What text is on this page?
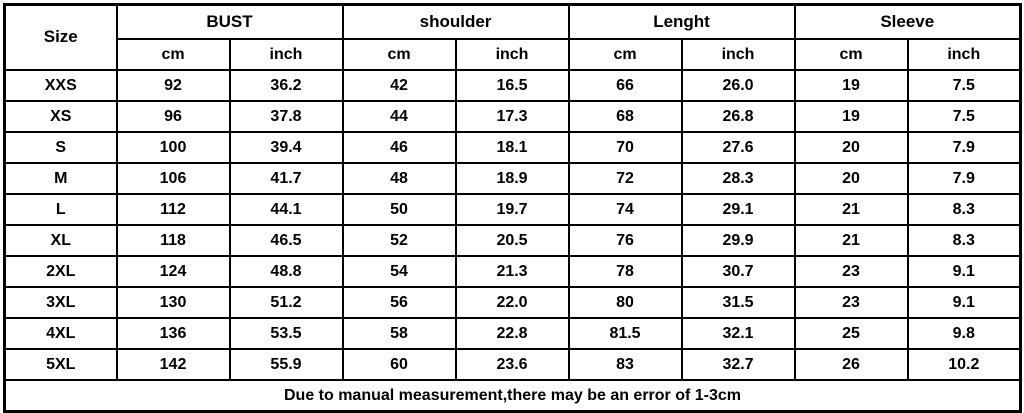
Size	BUST		shoulder		Lenght		Sleeve	
	cm	inch	cm	inch	cm	inch	cm	inch
XXS	92	36.2	42	16.5	66	26.0	19	7.5
XS	96	37.8	44	17.3	68	26.8	19	7.5
S	100	39.4	46	18.1	70	27.6	20	7.9
M	106	41.7	48	18.9	72	28.3	20	7.9
L	112	44.1	50	19.7	74	29.1	21	8.3
XL	118	46.5	52	20.5	76	29.9	21	8.3
2XL	124	48.8	54	21.3	78	30.7	23	9.1
3XL	130	51.2	56	22.0	80	31.5	23	9.1
4XL	136	53.5	58	22.8	81.5	32.1	25	9.8
5XL	142	55.9	60	23.6	83	32.7	26	10.2
Due to manual measurement,there may be an error of 1-3cm								
